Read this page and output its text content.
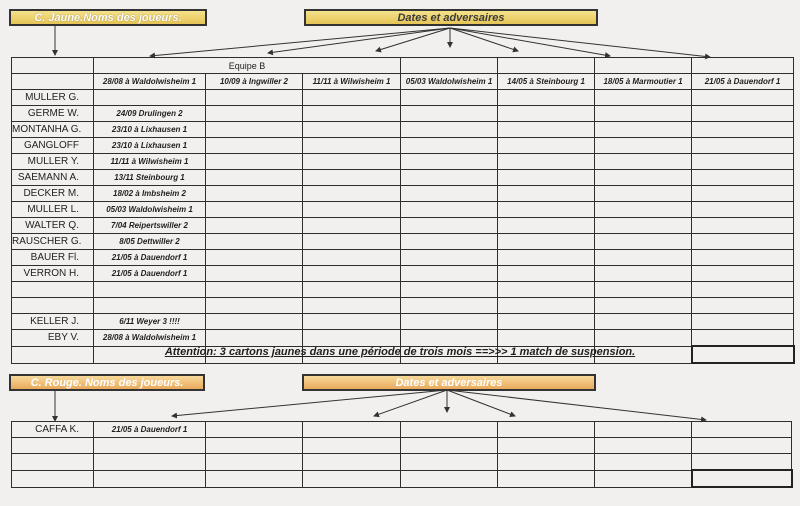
C. Jaune.Noms des joueurs.	Dates et adversaires
	Equipe B						
	28/08 à Waldolwisheim 1	10/09 à Ingwiller 2	11/11 à Wilwisheim 1	05/03 Waldolwisheim 1	14/05 à Steinbourg 1	18/05 à Marmoutier 1	21/05 à Dauendorf 1
MULLER G.							
GERME W.	24/09 Drulingen 2						
MONTANHA G.	23/10 à Lixhausen 1						
GANGLOFF	23/10 à Lixhausen 1						
MULLER Y.	11/11 à Wilwisheim 1						
SAEMANN A.	13/11 Steinbourg 1						
DECKER M.	18/02 à Imbsheim 2						
MULLER L.	05/03 Waldolwisheim 1						
WALTER Q.	7/04 Reipertswiller 2						
RAUSCHER G.	8/05 Dettwiller 2						
BAUER Fl.	21/05 à Dauendorf 1						
VERRON H.	21/05 à Dauendorf 1						

KELLER J.	6/11 Weyer 3 !!!!						
EBY V.	28/08 à Waldolwisheim 1						

Attention: 3 cartons jaunes dans une période de trois mois ==>>> 1 match de suspension.
C. Rouge. Noms des joueurs.	Dates et adversaires
CAFFA K.	21/05 à Dauendorf 1						
